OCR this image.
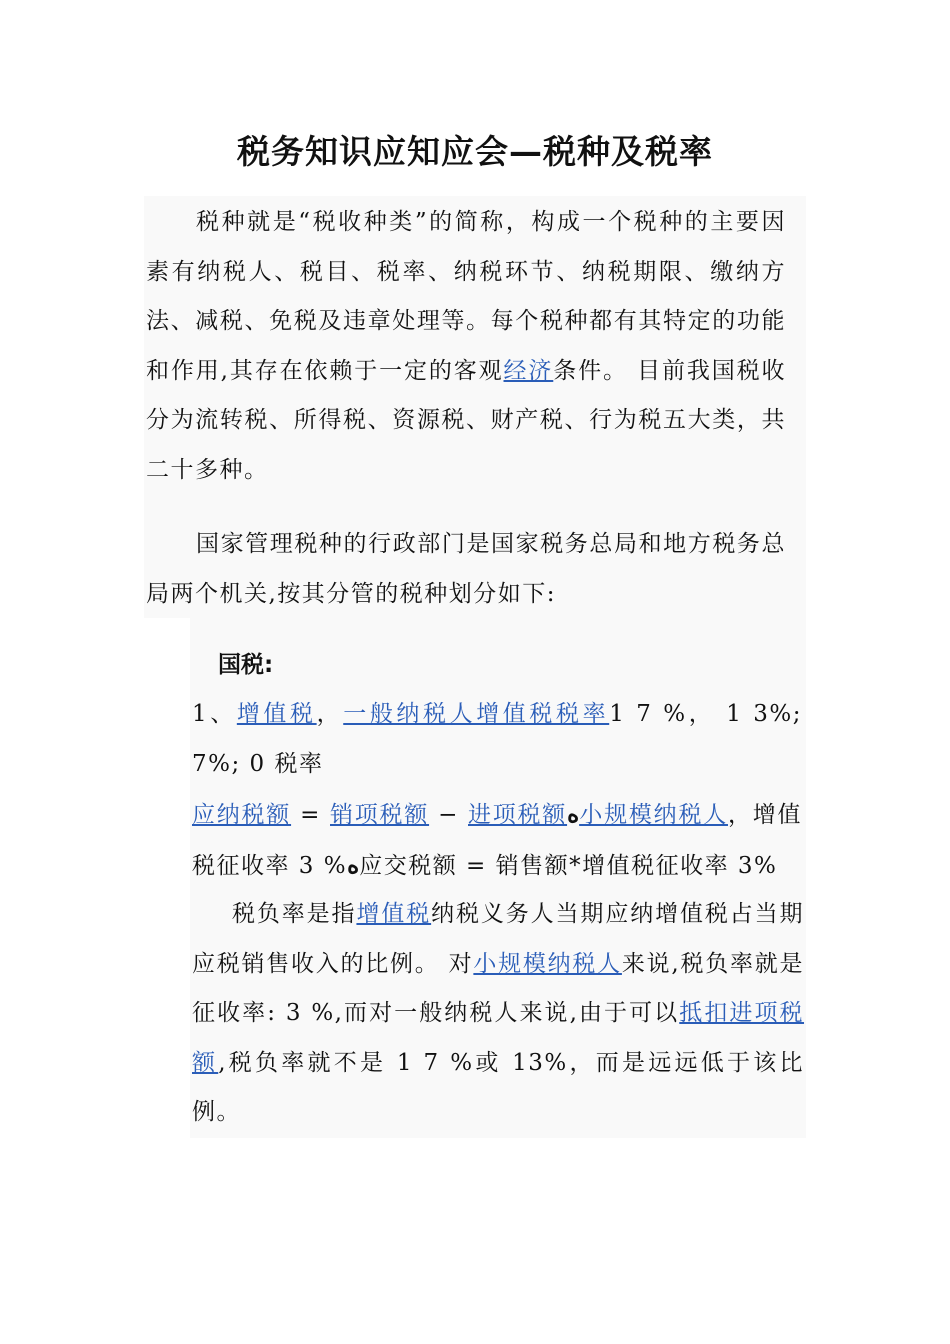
税务知识应知应会—税种及税率

税种就是“税收种类”的简称，构成一个税种的主要因素有纳税人、税目、税率、纳税环节、纳税期限、缴纳方法、减税、免税及违章处理等。每个税种都有其特定的功能和作用,其存在依赖于一定的客观经济条件。 目前我国税收分为流转税、所得税、资源税、财产税、行为税五大类，共二十多种。

国家管理税种的行政部门是国家税务总局和地方税务总局两个机关,按其分管的税种划分如下:

国税:

1、增值税，一般纳税人增值税税率1 7 %， 1 3%; 7%; 0 税率

应纳税额 = 销项税额 − 进项税额ه小规模纳税人，增值税征收率 3 %ه应交税额 = 销售额*增值税征收率 3%

税负率是指增值税纳税义务人当期应纳增值税占当期应税销售收入的比例。 对小规模纳税人来说,税负率就是征收率: 3 %,而对一般纳税人来说,由于可以抵扣进项税额,税负率就不是 1 7 %或 13%，而是远远低于该比例。
